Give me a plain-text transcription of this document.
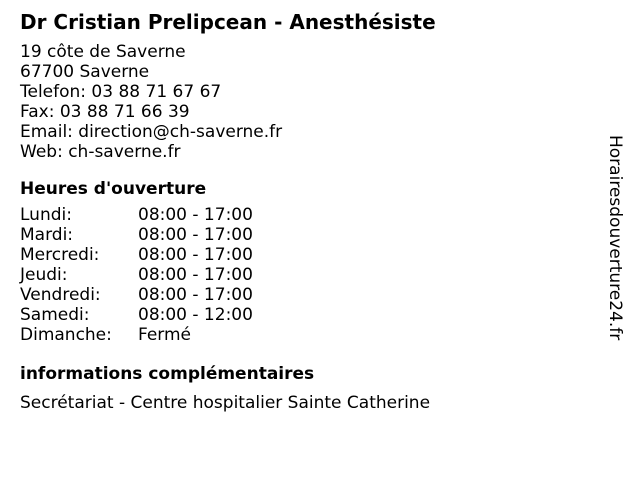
Dr Cristian Prelipcean - Anesthésiste
19 côte de Saverne
67700 Saverne
Telefon: 03 88 71 67 67
Fax: 03 88 71 66 39
Email: direction@ch-saverne.fr
Web: ch-saverne.fr
Heures d'ouverture
Lundi:	08:00 - 17:00
Mardi:	08:00 - 17:00
Mercredi:	08:00 - 17:00
Jeudi:	08:00 - 17:00
Vendredi:	08:00 - 17:00
Samedi:	08:00 - 12:00
Dimanche:	Fermé
informations complémentaires
Secrétariat - Centre hospitalier Sainte Catherine
Horairesdouverture24.fr
